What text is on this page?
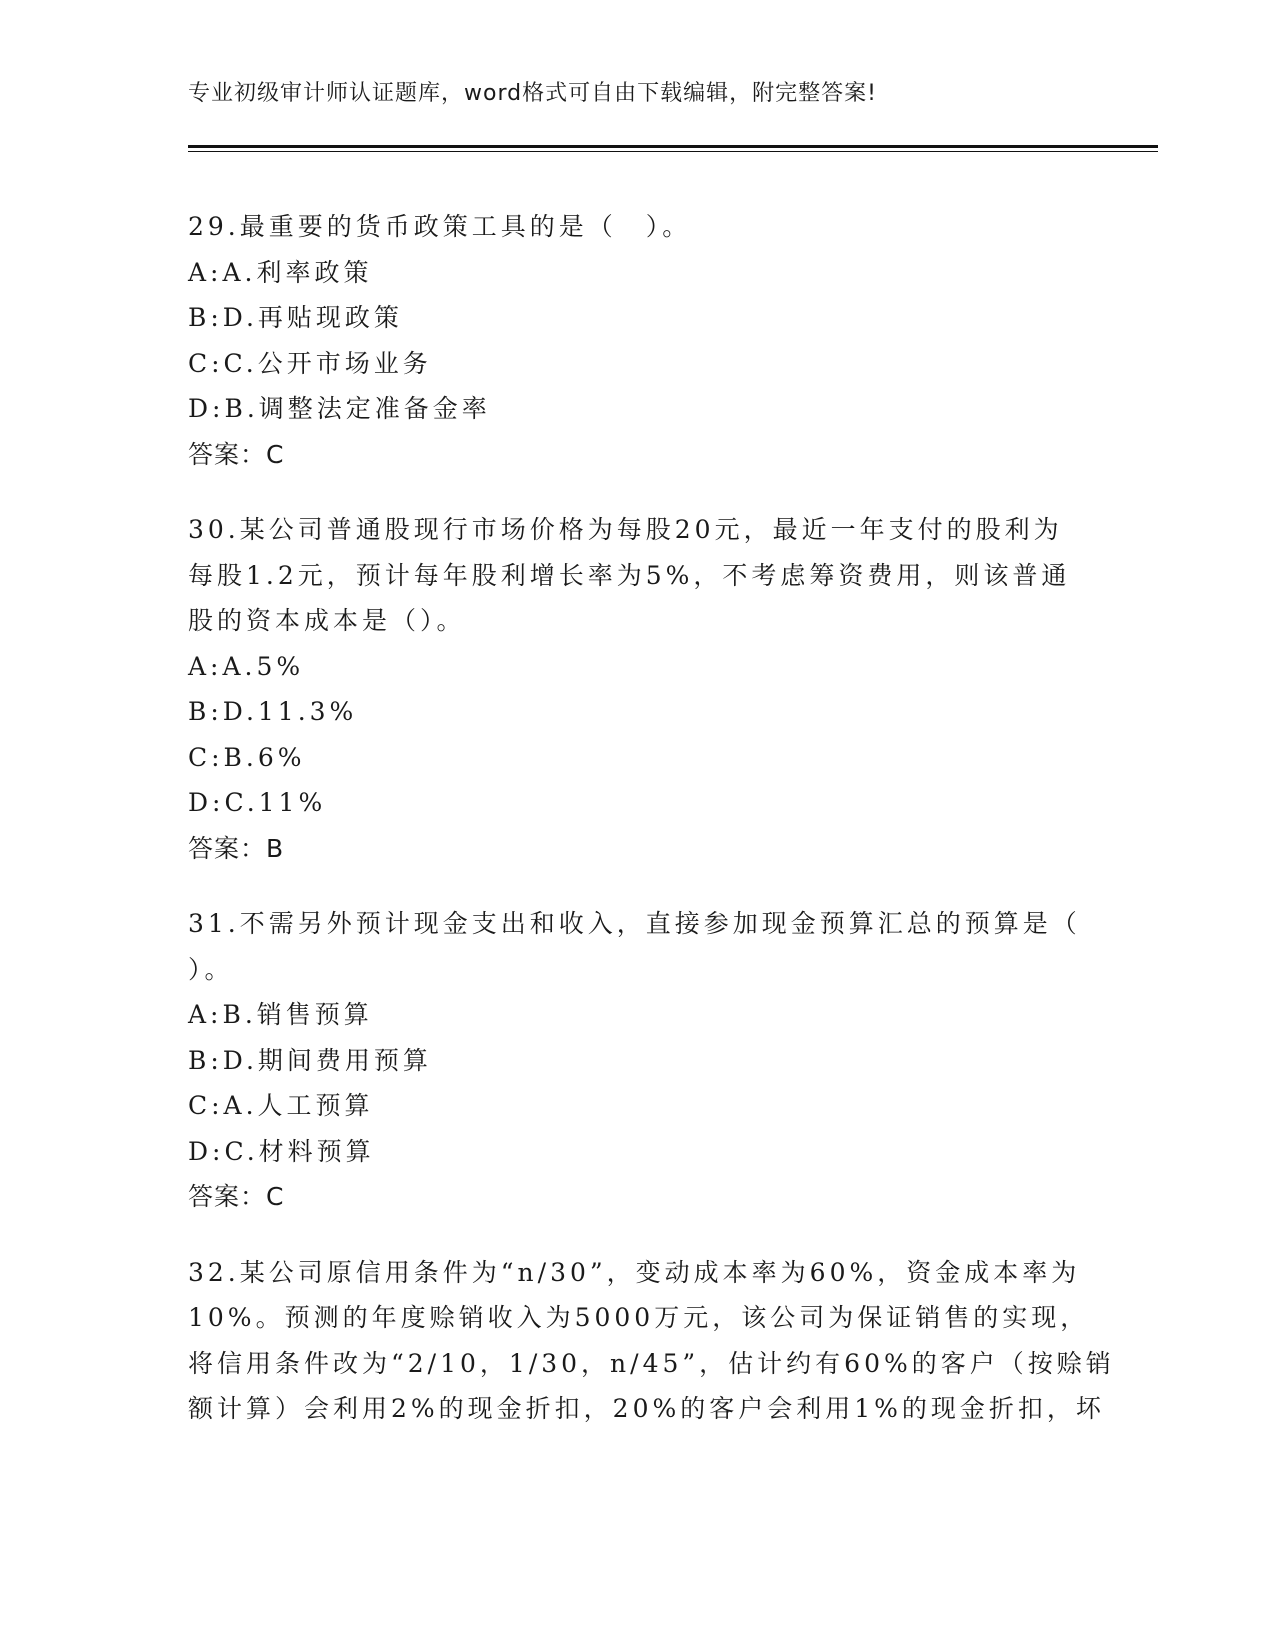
专业初级审计师认证题库，word格式可自由下载编辑，附完整答案!
29.最重要的货币政策工具的是（　）。
A:A.利率政策
B:D.再贴现政策
C:C.公开市场业务
D:B.调整法定准备金率
答案：C
30.某公司普通股现行市场价格为每股20元，最近一年支付的股利为
每股1.2元，预计每年股利增长率为5%，不考虑筹资费用，则该普通
股的资本成本是（）。
A:A.5%
B:D.11.3%
C:B.6%
D:C.11%
答案：B
31.不需另外预计现金支出和收入，直接参加现金预算汇总的预算是（
）。
A:B.销售预算
B:D.期间费用预算
C:A.人工预算
D:C.材料预算
答案：C
32.某公司原信用条件为“n/30”，变动成本率为60%，资金成本率为
10%。预测的年度赊销收入为5000万元，该公司为保证销售的实现，
将信用条件改为“2/10，1/30，n/45”，估计约有60%的客户（按赊销
额计算）会利用2%的现金折扣，20%的客户会利用1%的现金折扣，坏
